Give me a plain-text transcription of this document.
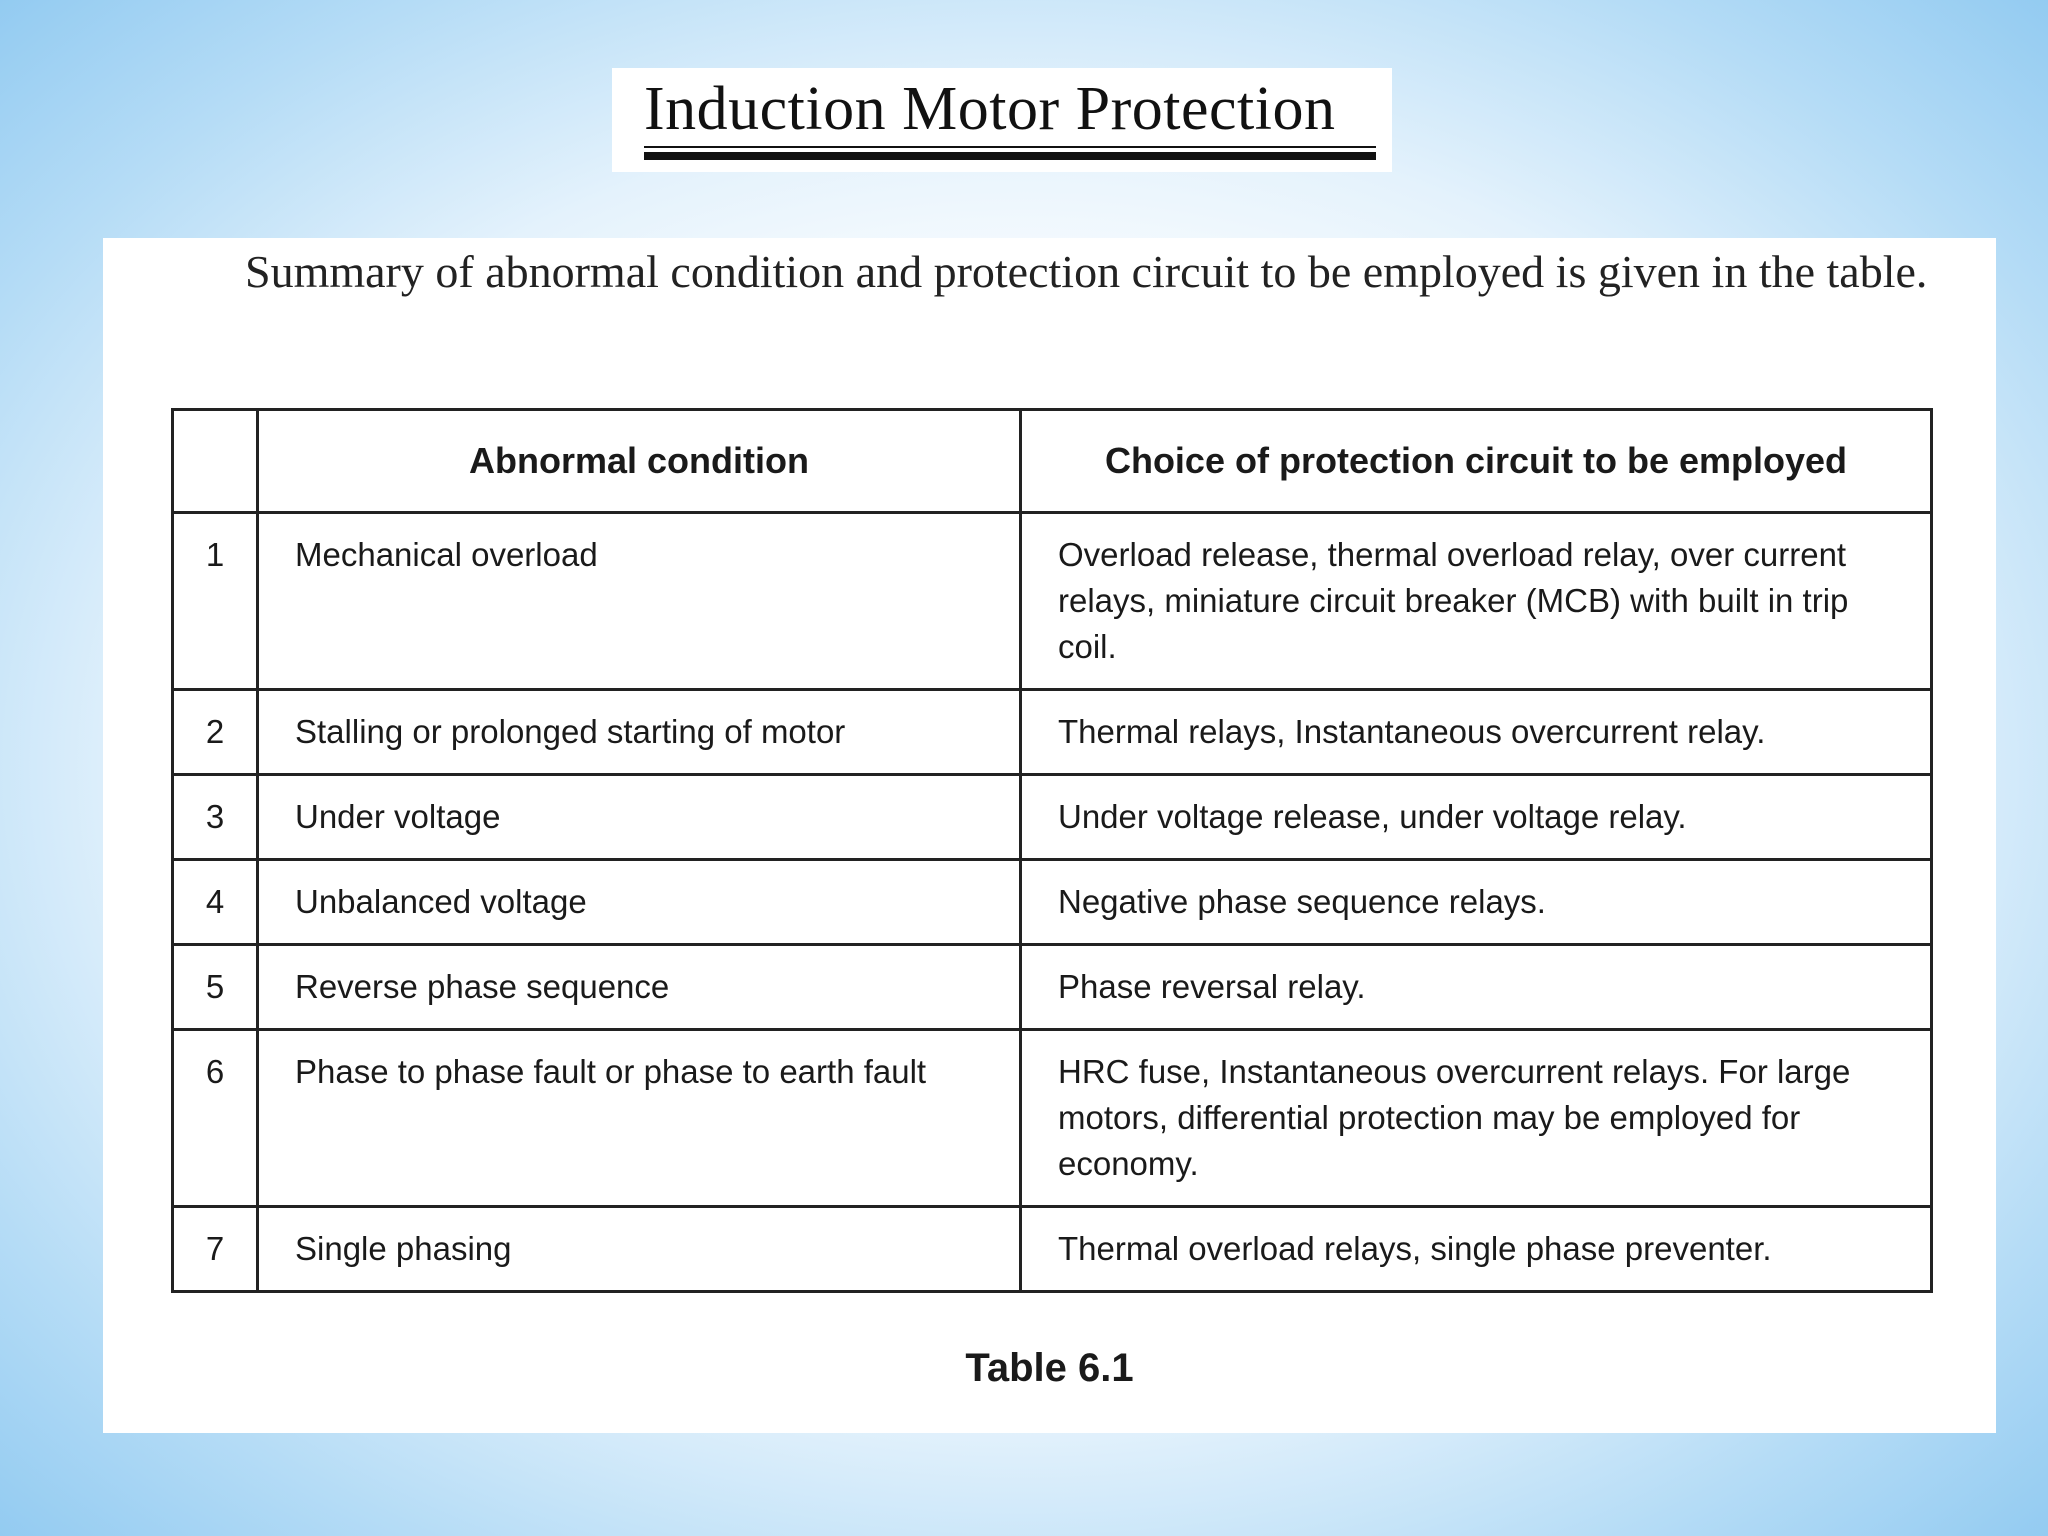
Induction Motor Protection

Summary of abnormal condition and protection circuit to be employed is given in the table.

	Abnormal condition	Choice of protection circuit to be employed
1	Mechanical overload	Overload release, thermal overload relay, over current relays, miniature circuit breaker (MCB) with built in trip coil.
2	Stalling or prolonged starting of motor	Thermal relays, Instantaneous overcurrent relay.
3	Under voltage	Under voltage release, under voltage relay.
4	Unbalanced voltage	Negative phase sequence relays.
5	Reverse phase sequence	Phase reversal relay.
6	Phase to phase fault or phase to earth fault	HRC fuse, Instantaneous overcurrent relays. For large motors, differential protection may be employed for economy.
7	Single phasing	Thermal overload relays, single phase preventer.

Table 6.1
